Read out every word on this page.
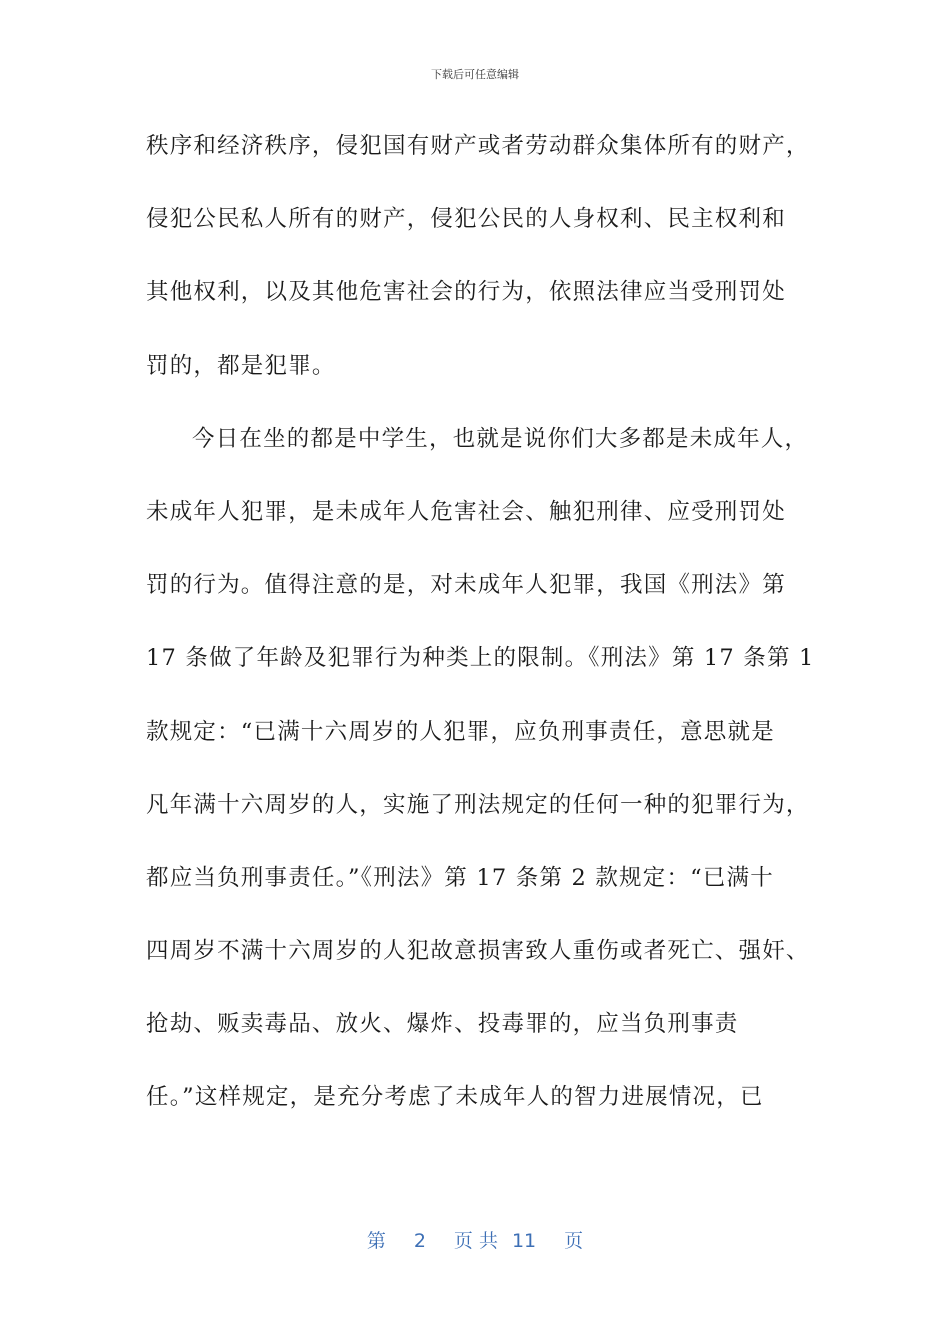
下载后可任意编辑
秩序和经济秩序，侵犯国有财产或者劳动群众集体所有的财产，
侵犯公民私人所有的财产，侵犯公民的人身权利、民主权利和
其他权利，以及其他危害社会的行为，依照法律应当受刑罚处
罚的，都是犯罪。
今日在坐的都是中学生，也就是说你们大多都是未成年人，
未成年人犯罪，是未成年人危害社会、触犯刑律、应受刑罚处
罚的行为。值得注意的是，对未成年人犯罪，我国《刑法》第
17 条做了年龄及犯罪行为种类上的限制。《刑法》第 17 条第 1
款规定：“已满十六周岁的人犯罪，应负刑事责任，意思就是
凡年满十六周岁的人，实施了刑法规定的任何一种的犯罪行为，
都应当负刑事责任。”《刑法》第 17 条第 2 款规定：“已满十
四周岁不满十六周岁的人犯故意损害致人重伤或者死亡、强奸、
抢劫、贩卖毒品、放火、爆炸、投毒罪的，应当负刑事责
任。”这样规定，是充分考虑了未成年人的智力进展情况，已
第 2 页 共 11 页
